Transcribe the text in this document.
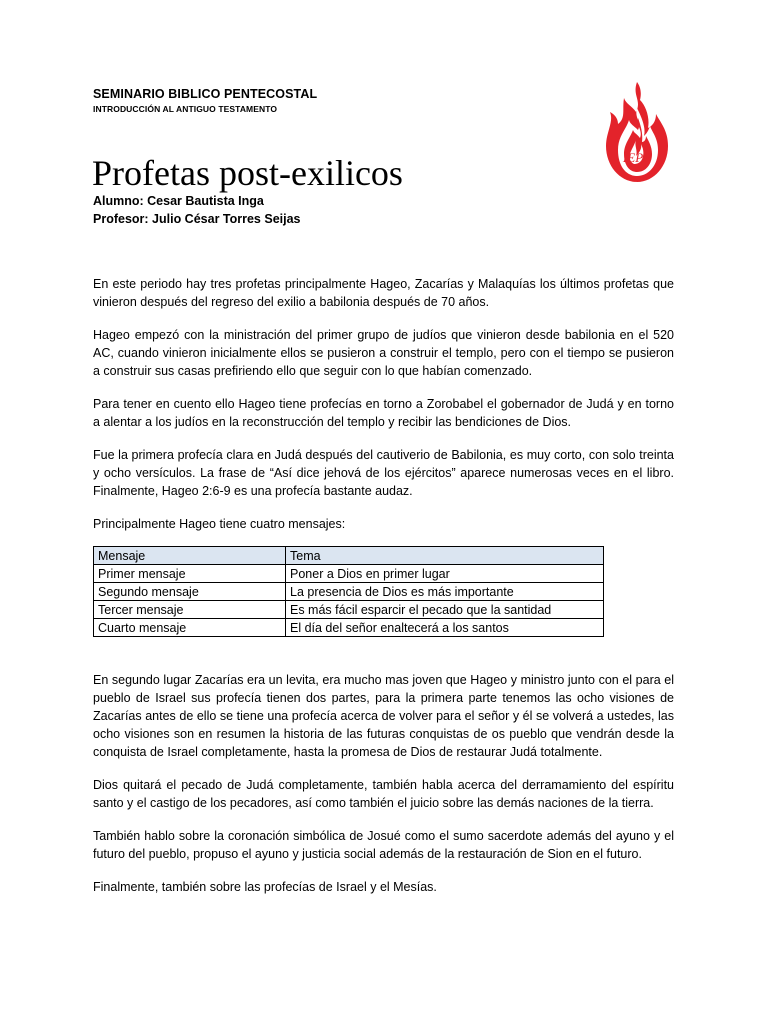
SEMINARIO BIBLICO PENTECOSTAL
INTRODUCCIÓN AL ANTIGUO TESTAMENTO
IEPP
Profetas post-exilicos
Alumno: Cesar Bautista Inga
Profesor: Julio César Torres Seijas

En este periodo hay tres profetas principalmente Hageo, Zacarías y Malaquías los últimos profetas que vinieron después del regreso del exilio a babilonia después de 70 años.

Hageo empezó con la ministración del primer grupo de judíos que vinieron desde babilonia en el 520 AC, cuando vinieron inicialmente ellos se pusieron a construir el templo, pero con el tiempo se pusieron a construir sus casas prefiriendo ello que seguir con lo que habían comenzado.

Para tener en cuento ello Hageo tiene profecías en torno a Zorobabel el gobernador de Judá y en torno a alentar a los judíos en la reconstrucción del templo y recibir las bendiciones de Dios.

Fue la primera profecía clara en Judá después del cautiverio de Babilonia, es muy corto, con solo treinta y ocho versículos. La frase de “Así dice jehová de los ejércitos” aparece numerosas veces en el libro. Finalmente, Hageo 2:6-9 es una profecía bastante audaz.

Principalmente Hageo tiene cuatro mensajes:

Mensaje	Tema
Primer mensaje	Poner a Dios en primer lugar
Segundo mensaje	La presencia de Dios es más importante
Tercer mensaje	Es más fácil esparcir el pecado que la santidad
Cuarto mensaje	El día del señor enaltecerá a los santos

En segundo lugar Zacarías era un levita, era mucho mas joven que Hageo y ministro junto con el para el pueblo de Israel sus profecía tienen dos partes, para la primera parte tenemos las ocho visiones de Zacarías antes de ello se tiene una profecía acerca de volver para el señor y él se volverá a ustedes, las ocho visiones son en resumen la historia de las futuras conquistas de os pueblo que vendrán desde la conquista de Israel completamente, hasta la promesa de Dios de restaurar Judá totalmente.

Dios quitará el pecado de Judá completamente, también habla acerca del derramamiento del espíritu santo y el castigo de los pecadores, así como también el juicio sobre las demás naciones de la tierra.

También hablo sobre la coronación simbólica de Josué como el sumo sacerdote además del ayuno y el futuro del pueblo, propuso el ayuno y justicia social además de la restauración de Sion en el futuro.

Finalmente, también sobre las profecías de Israel y el Mesías.
